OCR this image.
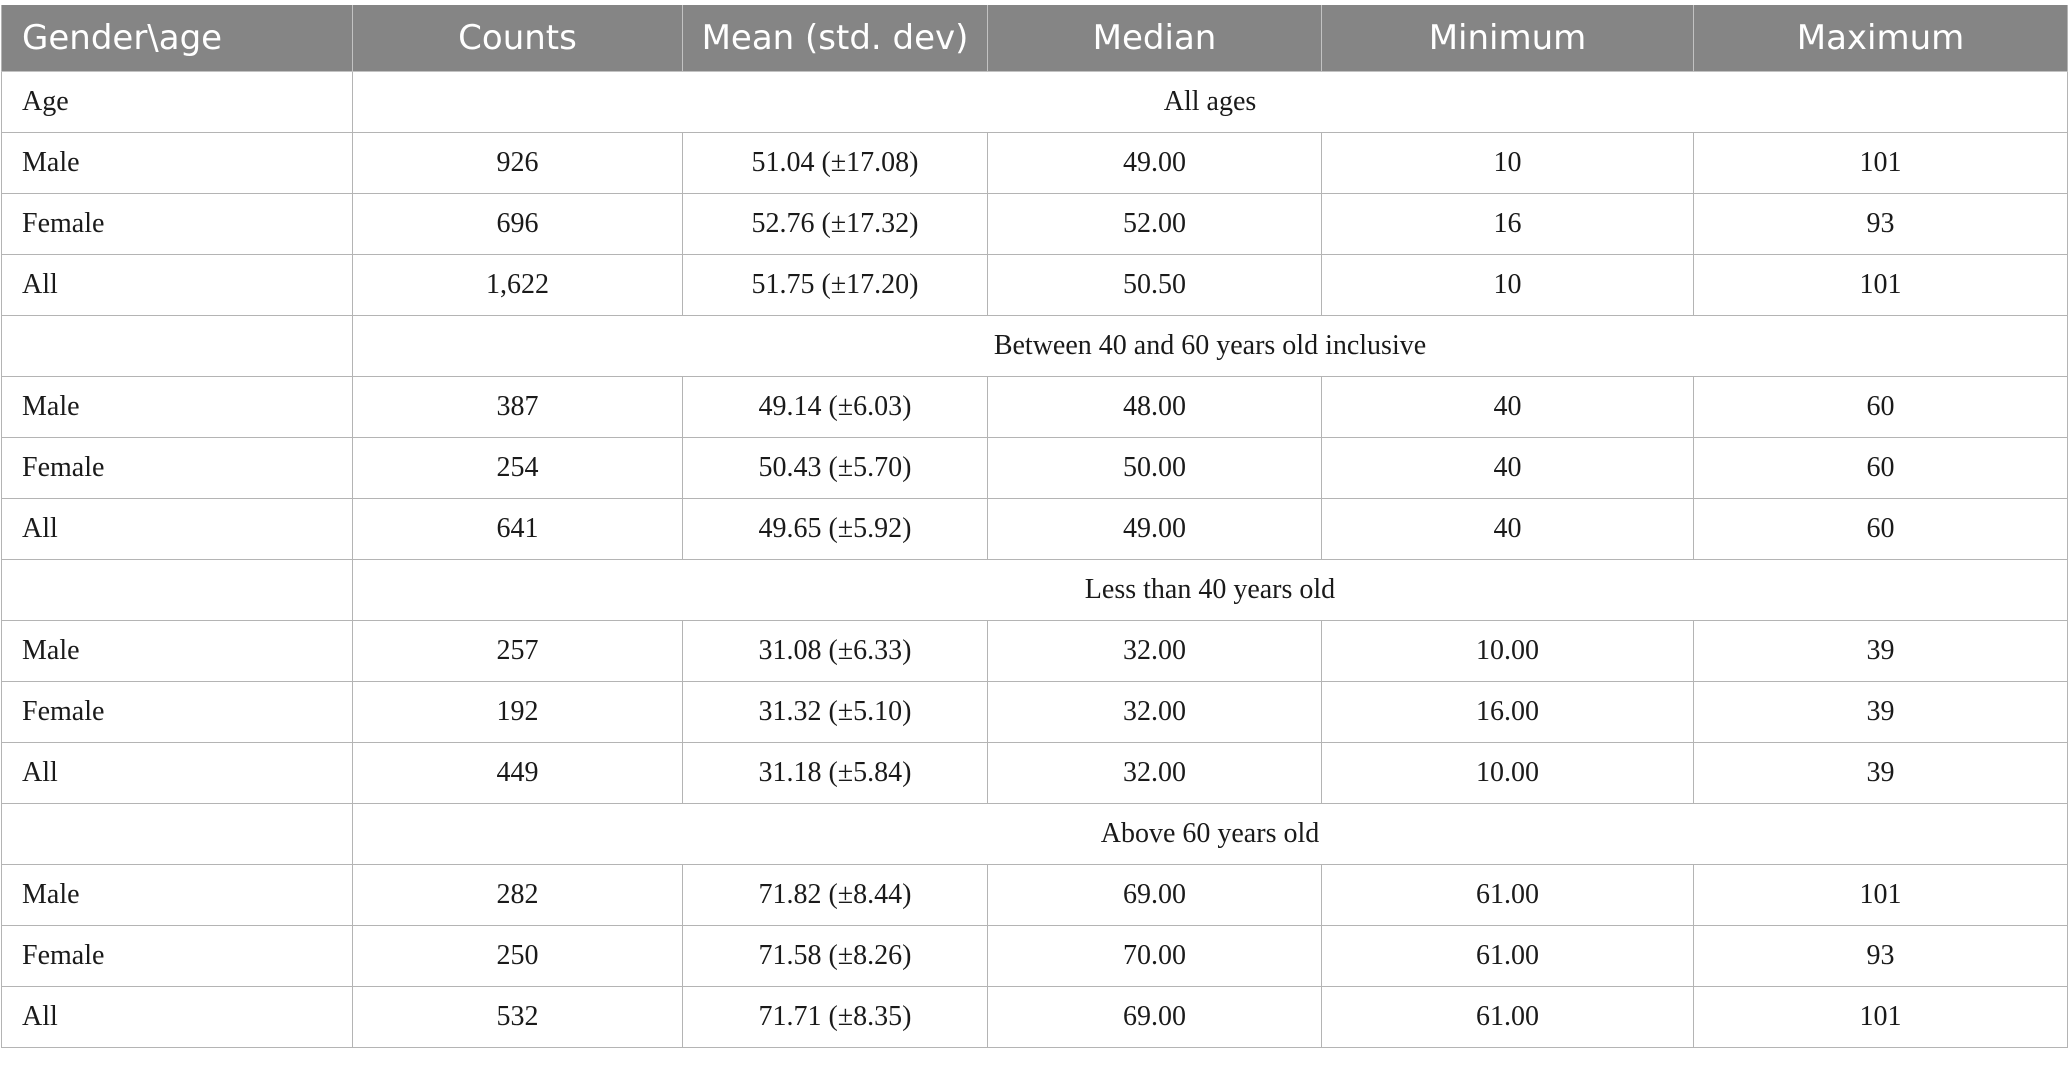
Gender\age	Counts	Mean (std. dev)	Median	Minimum	Maximum
Age	All ages				
Male	926	51.04 (±17.08)	49.00	10	101
Female	696	52.76 (±17.32)	52.00	16	93
All	1,622	51.75 (±17.20)	50.50	10	101
	Between 40 and 60 years old inclusive				
Male	387	49.14 (±6.03)	48.00	40	60
Female	254	50.43 (±5.70)	50.00	40	60
All	641	49.65 (±5.92)	49.00	40	60
	Less than 40 years old				
Male	257	31.08 (±6.33)	32.00	10.00	39
Female	192	31.32 (±5.10)	32.00	16.00	39
All	449	31.18 (±5.84)	32.00	10.00	39
	Above 60 years old				
Male	282	71.82 (±8.44)	69.00	61.00	101
Female	250	71.58 (±8.26)	70.00	61.00	93
All	532	71.71 (±8.35)	69.00	61.00	101
